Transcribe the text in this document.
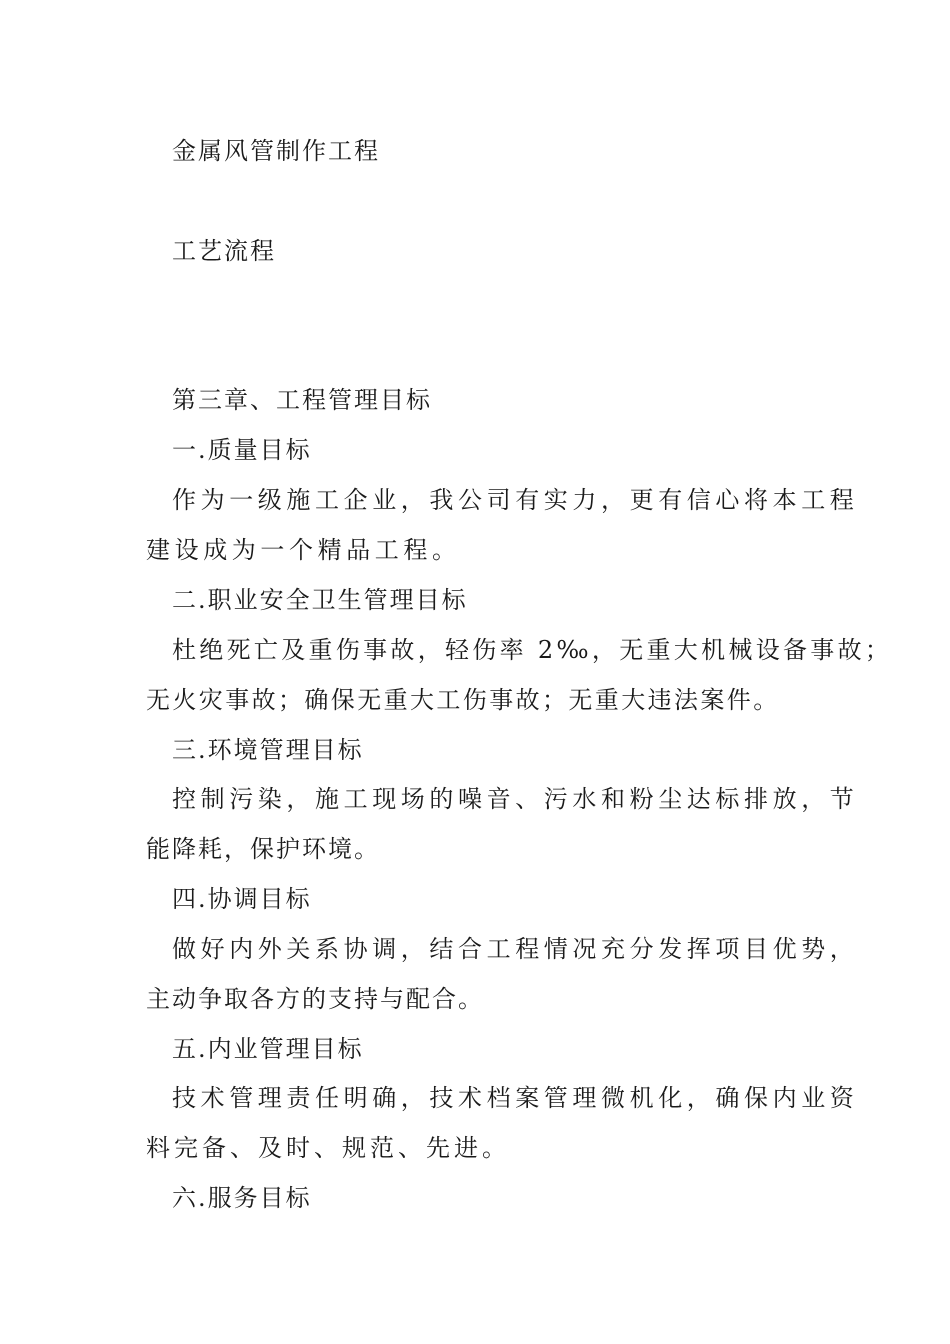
金属风管制作工程
工艺流程
第三章、工程管理目标
一.质量目标
作为一级施工企业，我公司有实力，更有信心将本工程
建设成为一个精品工程。
二.职业安全卫生管理目标
杜绝死亡及重伤事故，轻伤率 2‰，无重大机械设备事故；
无火灾事故；确保无重大工伤事故；无重大违法案件。
三.环境管理目标
控制污染，施工现场的噪音、污水和粉尘达标排放，节
能降耗，保护环境。
四.协调目标
做好内外关系协调，结合工程情况充分发挥项目优势，
主动争取各方的支持与配合。
五.内业管理目标
技术管理责任明确，技术档案管理微机化，确保内业资
料完备、及时、规范、先进。
六.服务目标
